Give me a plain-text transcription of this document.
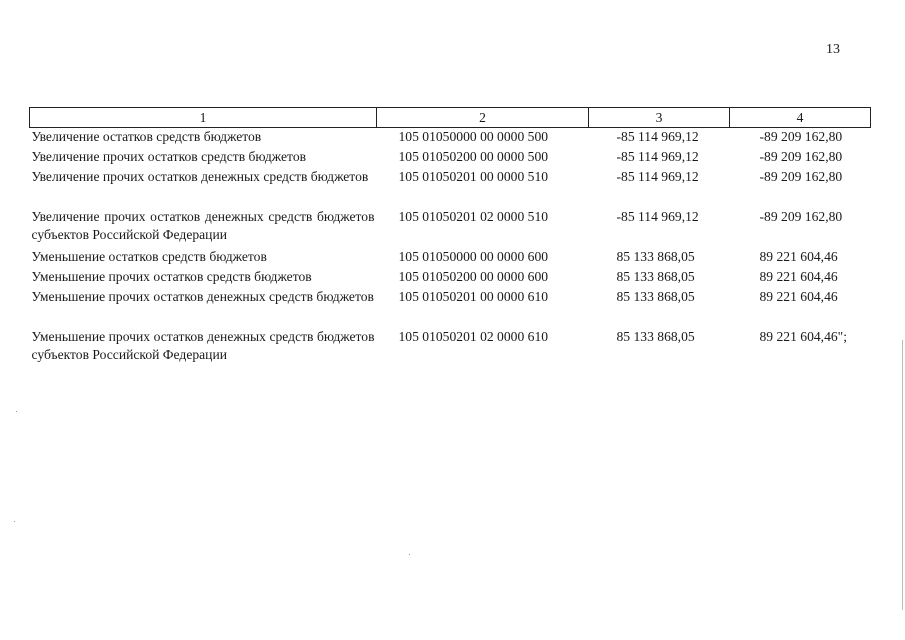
13
1	2	3	4
Увеличение остатков средств бюджетов	105 01050000 00 0000 500	-85 114 969,12	-89 209 162,80
Увеличение прочих остатков средств бюджетов	105 01050200 00 0000 500	-85 114 969,12	-89 209 162,80
Увеличение прочих остатков денежных средств бюджетов	105 01050201 00 0000 510	-85 114 969,12	-89 209 162,80
Увеличение прочих остатков денежных средств бюджетов субъектов Российской Федерации	105 01050201 02 0000 510	-85 114 969,12	-89 209 162,80
Уменьшение остатков средств бюджетов	105 01050000 00 0000 600	85 133 868,05	89 221 604,46
Уменьшение прочих остатков средств бюджетов	105 01050200 00 0000 600	85 133 868,05	89 221 604,46
Уменьшение прочих остатков денежных средств бюджетов	105 01050201 00 0000 610	85 133 868,05	89 221 604,46
Уменьшение прочих остатков денежных средств бюджетов субъектов Российской Федерации	105 01050201 02 0000 610	85 133 868,05	89 221 604,46";
